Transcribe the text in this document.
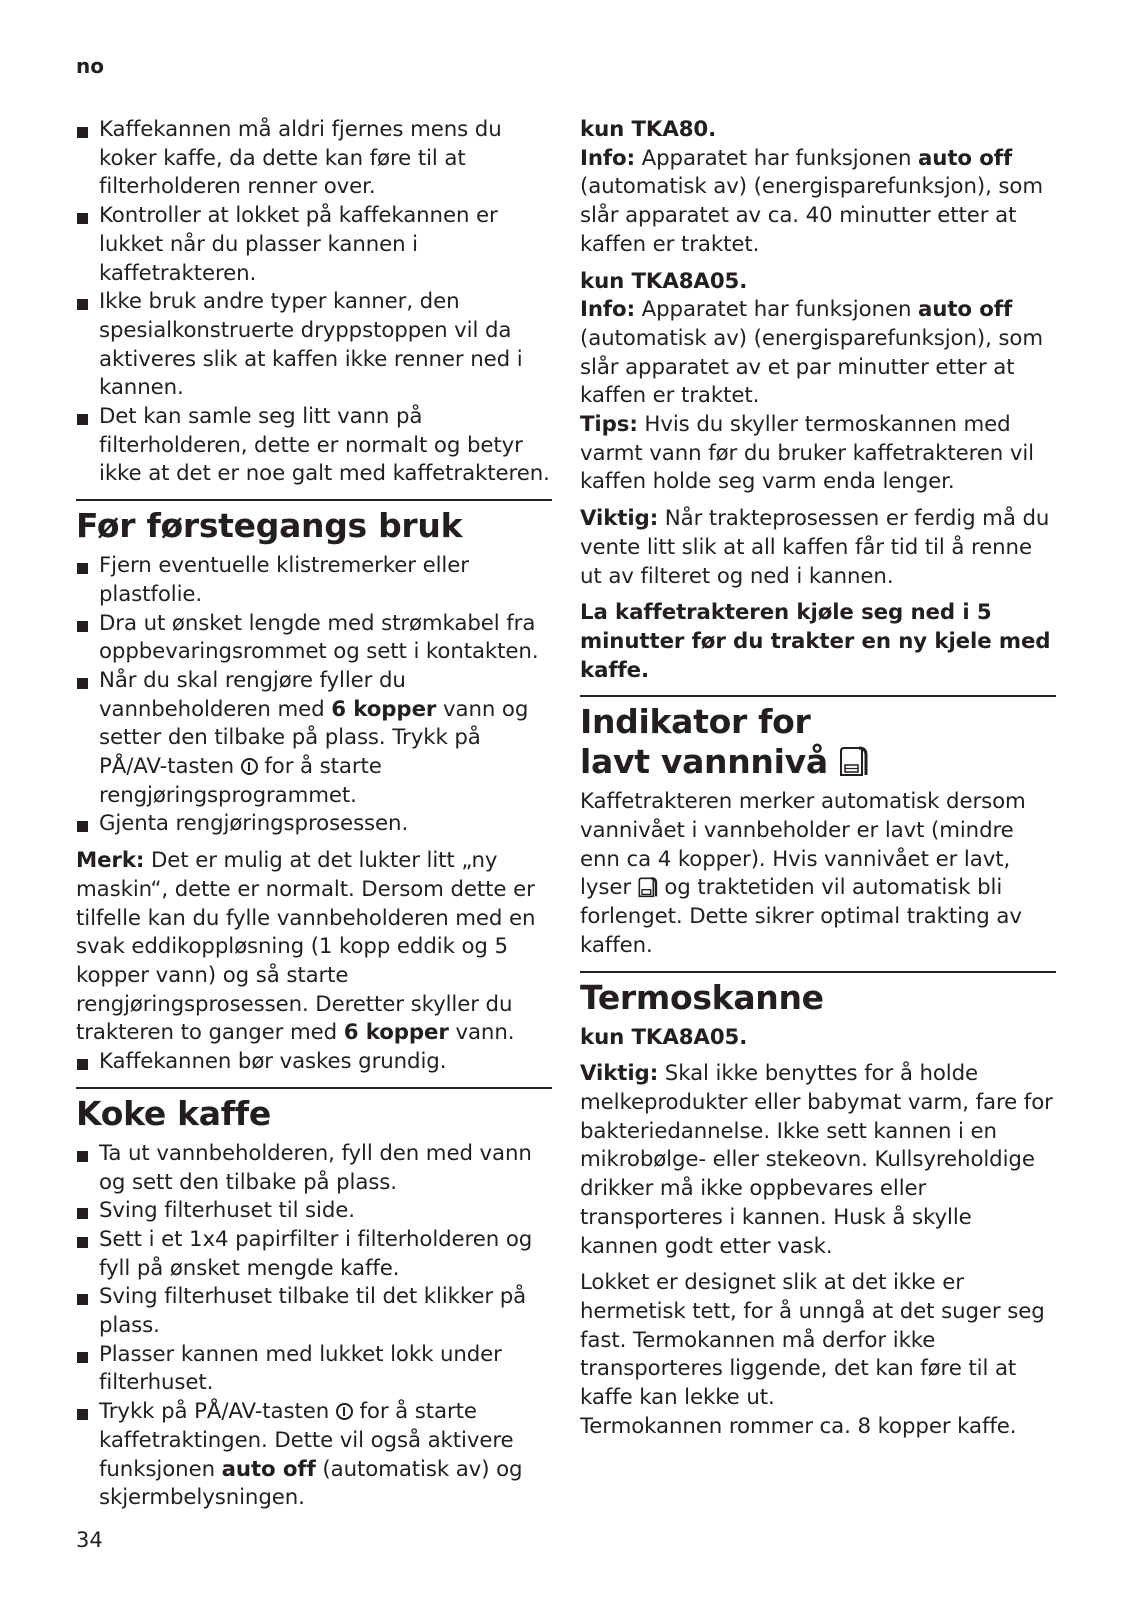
no
Kaffekannen må aldri fjernes mens du koker kaffe, da dette kan føre til at filterholderen renner over.
Kontroller at lokket på kaffekannen er lukket når du plasser kannen i kaffetrakteren.
Ikke bruk andre typer kanner, den spesialkonstruerte dryppstoppen vil da aktiveres slik at kaffen ikke renner ned i kannen.
Det kan samle seg litt vann på filterholderen, dette er normalt og betyr ikke at det er noe galt med kaffetrakteren.
Før førstegangs bruk
Fjern eventuelle klistremerker eller plastfolie.
Dra ut ønsket lengde med strømkabel fra oppbevaringsrommet og sett i kontakten.
Når du skal rengjøre fyller du vannbeholderen med 6 kopper vann og setter den tilbake på plass. Trykk på PÅ/AV-tasten  for å starte rengjøringsprogrammet.
Gjenta rengjøringsprosessen.

Merk: Det er mulig at det lukter litt „ny maskin“, dette er normalt. Dersom dette er tilfelle kan du fylle vannbeholderen med en svak eddikoppløsning (1 kopp eddik og 5 kopper vann) og så starte rengjøringsprosessen. Deretter skyller du trakteren to ganger med 6 kopper vann.

Kaffekannen bør vaskes grundig.
Koke kaffe
Ta ut vannbeholderen, fyll den med vann og sett den tilbake på plass.
Sving filterhuset til side.
Sett i et 1x4 papirfilter i filterholderen og fyll på ønsket mengde kaffe.
Sving filterhuset tilbake til det klikker på plass.
Plasser kannen med lukket lokk under filterhuset.
Trykk på PÅ/AV-tasten  for å starte kaffetraktingen. Dette vil også aktivere funksjonen auto off (automatisk av) og skjermbelysningen.

kun TKA80.

Info: Apparatet har funksjonen auto off (automatisk av) (energisparefunksjon), som slår apparatet av ca. 40 minutter etter at kaffen er traktet.

kun TKA8A05.

Info: Apparatet har funksjonen auto off (automatisk av) (energisparefunksjon), som slår apparatet av et par minutter etter at kaffen er traktet.

Tips: Hvis du skyller termoskannen med varmt vann før du bruker kaffetrakteren vil kaffen holde seg varm enda lenger.

Viktig: Når trakteprosessen er ferdig må du vente litt slik at all kaffen får tid til å renne ut av filteret og ned i kannen.

La kaffetrakteren kjøle seg ned i 5 minutter før du trakter en ny kjele med kaffe.

Indikator for
lavt vannnivå

Kaffetrakteren merker automatisk dersom vannivået i vannbeholder er lavt (mindre enn ca 4 kopper). Hvis vannivået er lavt, lyser  og traktetiden vil automatisk bli forlenget. Dette sikrer optimal trakting av kaffen.

Termoskanne

kun TKA8A05.

Viktig: Skal ikke benyttes for å holde melkeprodukter eller babymat varm, fare for bakteriedannelse. Ikke sett kannen i en mikrobølge- eller stekeovn. Kullsyreholdige drikker må ikke oppbevares eller transporteres i kannen. Husk å skylle kannen godt etter vask.

Lokket er designet slik at det ikke er hermetisk tett, for å unngå at det suger seg fast. Termokannen må derfor ikke transporteres liggende, det kan føre til at kaffe kan lekke ut.

Termokannen rommer ca. 8 kopper kaffe.

34
